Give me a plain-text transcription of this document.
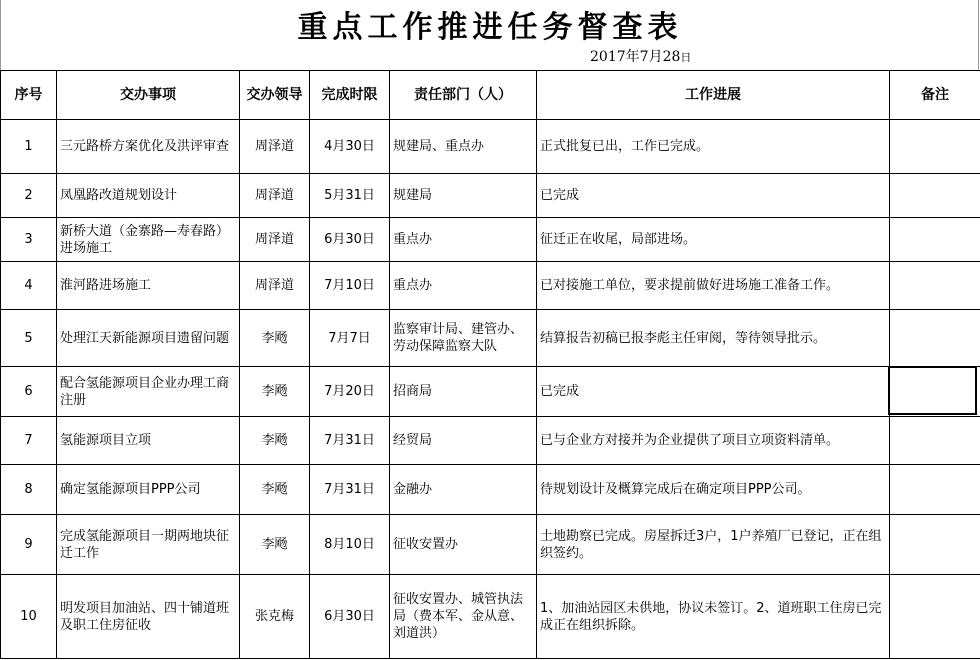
重点工作推进任务督查表
2017年7月28日
序号	交办事项	交办领导	完成时限	责任部门（人）	工作进展	备注
1	三元路桥方案优化及洪评审查	周泽道	4月30日	规建局、重点办	正式批复已出，工作已完成。	
2	凤凰路改道规划设计	周泽道	5月31日	规建局	已完成	
3	新桥大道（金寨路—寿春路）进场施工	周泽道	6月30日	重点办	征迁正在收尾，局部进场。	
4	淮河路进场施工	周泽道	7月10日	重点办	已对接施工单位，要求提前做好进场施工准备工作。	
5	处理江天新能源项目遗留问题	李飏	7月7日	监察审计局、建管办、劳动保障监察大队	结算报告初稿已报李彪主任审阅，等待领导批示。	
6	配合氢能源项目企业办理工商注册	李飏	7月20日	招商局	已完成	
7	氢能源项目立项	李飏	7月31日	经贸局	已与企业方对接并为企业提供了项目立项资料清单。	
8	确定氢能源项目PPP公司	李飏	7月31日	金融办	待规划设计及概算完成后在确定项目PPP公司。	
9	完成氢能源项目一期两地块征迁工作	李飏	8月10日	征收安置办	土地勘察已完成。房屋拆迁3户，1户养殖厂已登记，正在组织签约。	
10	明发项目加油站、四十铺道班及职工住房征收	张克梅	6月30日	征收安置办、城管执法局（费本军、金从意、刘道洪）	1、加油站园区未供地，协议未签订。2、道班职工住房已完成正在组织拆除。	
